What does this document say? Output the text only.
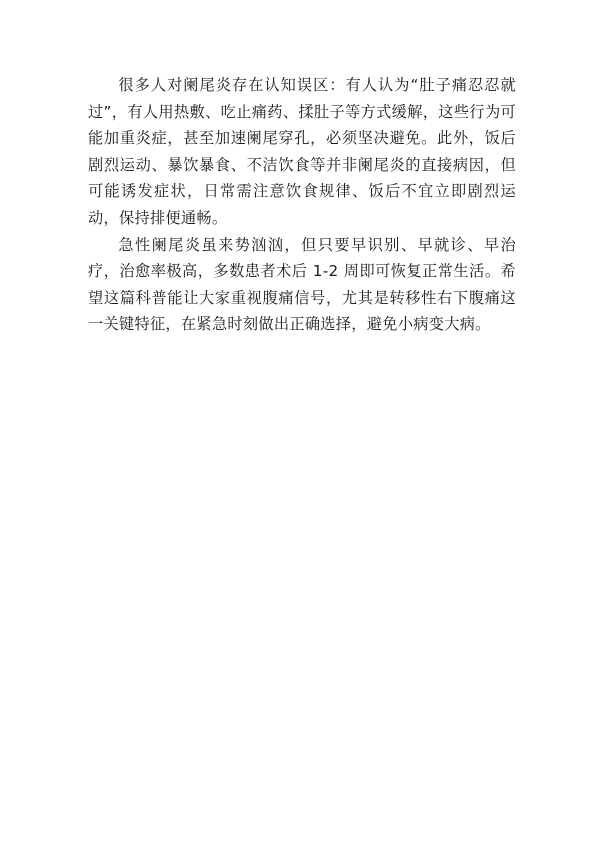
很多人对阑尾炎存在认知误区：有人认为“肚子痛忍忍就过”，有人用热敷、吃止痛药、揉肚子等方式缓解，这些行为可能加重炎症，甚至加速阑尾穿孔，必须坚决避免。此外，饭后剧烈运动、暴饮暴食、不洁饮食等并非阑尾炎的直接病因，但可能诱发症状，日常需注意饮食规律、饭后不宜立即剧烈运动，保持排便通畅。

急性阑尾炎虽来势汹汹，但只要早识别、早就诊、早治疗，治愈率极高，多数患者术后 1-2 周即可恢复正常生活。希望这篇科普能让大家重视腹痛信号，尤其是转移性右下腹痛这一关键特征，在紧急时刻做出正确选择，避免小病变大病。
